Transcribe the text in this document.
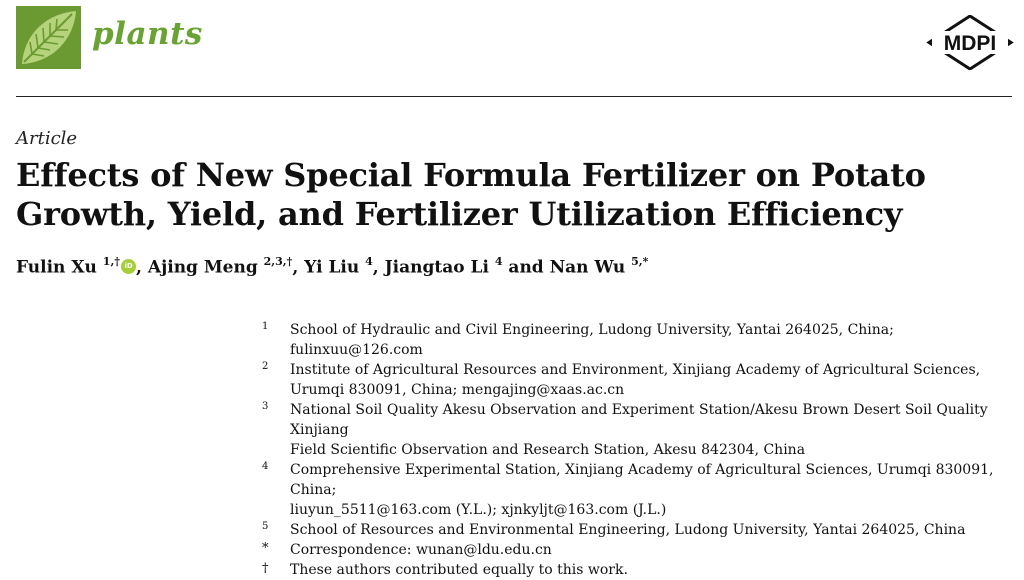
plants	MDPI
Article
Effects of New Special Formula Fertilizer on Potato Growth, Yield, and Fertilizer Utilization Efficiency
Fulin Xu $^{1,\dagger}$ iD , Ajing Meng $^{2,3,\dagger}$, Yi Liu $^4$, Jiangtao Li $^4$ and Nan Wu $^{5,*}$
1	School of Hydraulic and Civil Engineering, Ludong University, Yantai 264025, China; fulinxuu@126.com
2	Institute of Agricultural Resources and Environment, Xinjiang Academy of Agricultural Sciences,
Urumqi 830091, China; mengajing@xaas.ac.cn
3	National Soil Quality Akesu Observation and Experiment Station/Akesu Brown Desert Soil Quality Xinjiang
Field Scientific Observation and Research Station, Akesu 842304, China
4	Comprehensive Experimental Station, Xinjiang Academy of Agricultural Sciences, Urumqi 830091, China;
liuyun_5511@163.com (Y.L.); xjnkyljt@163.com (J.L.)
5	School of Resources and Environmental Engineering, Ludong University, Yantai 264025, China
*	Correspondence: wunan@ldu.edu.cn
†	These authors contributed equally to this work.
